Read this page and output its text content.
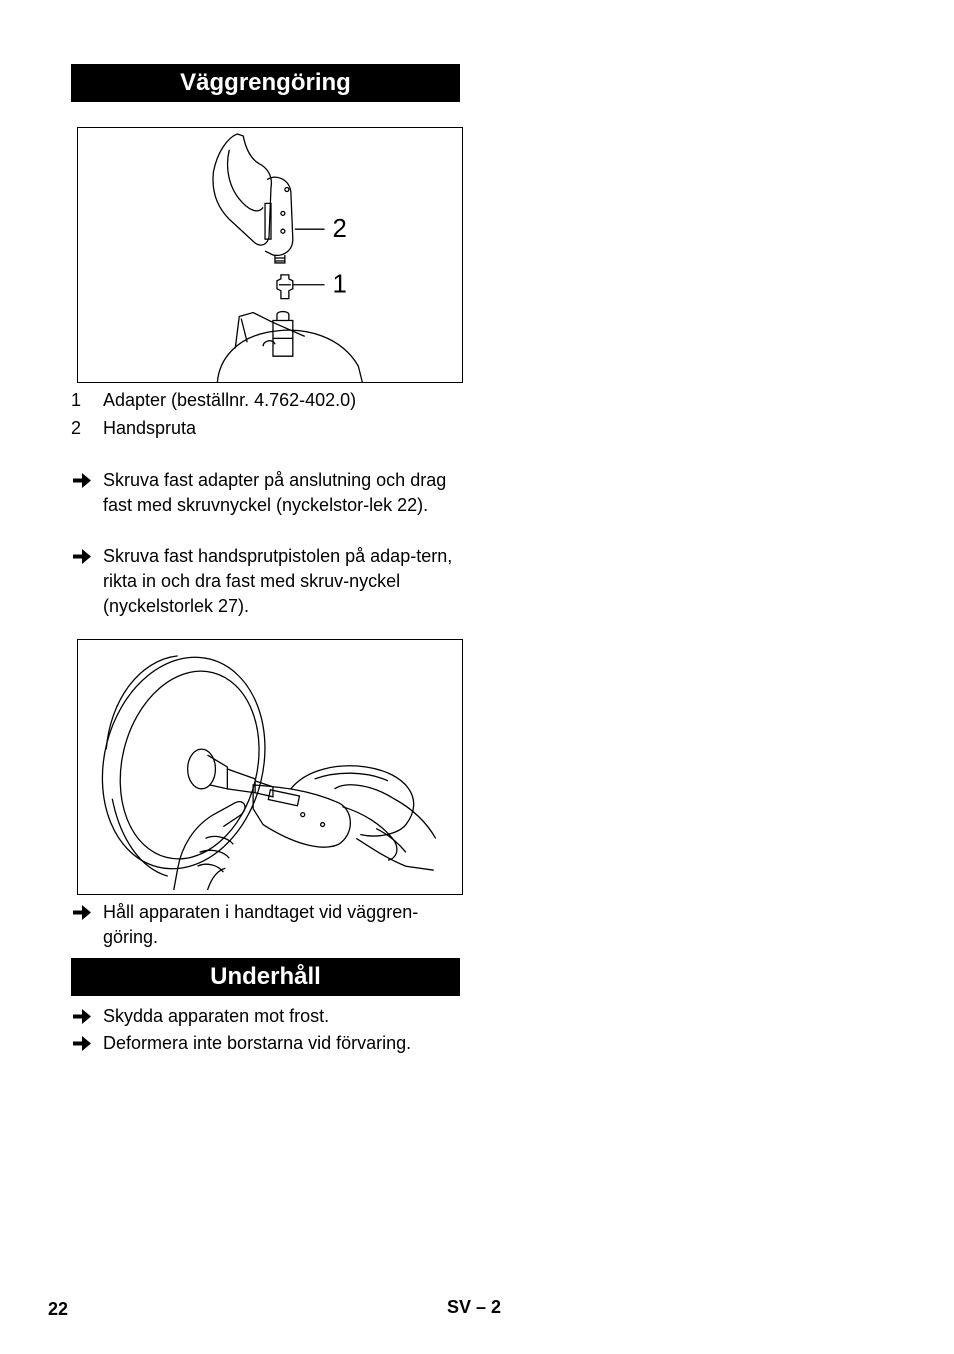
Väggrengöring
2
1
1 Adapter (beställnr. 4.762-402.0)
2 Handspruta
Skruva fast adapter på anslutning och drag fast med skruvnyckel (nyckelstor-lek 22).
Skruva fast handsprutpistolen på adap-tern, rikta in och dra fast med skruv-nyckel (nyckelstorlek 27).
Håll apparaten i handtaget vid väggren-göring.
Underhåll
Skydda apparaten mot frost.
Deformera inte borstarna vid förvaring.
22	SV – 2
